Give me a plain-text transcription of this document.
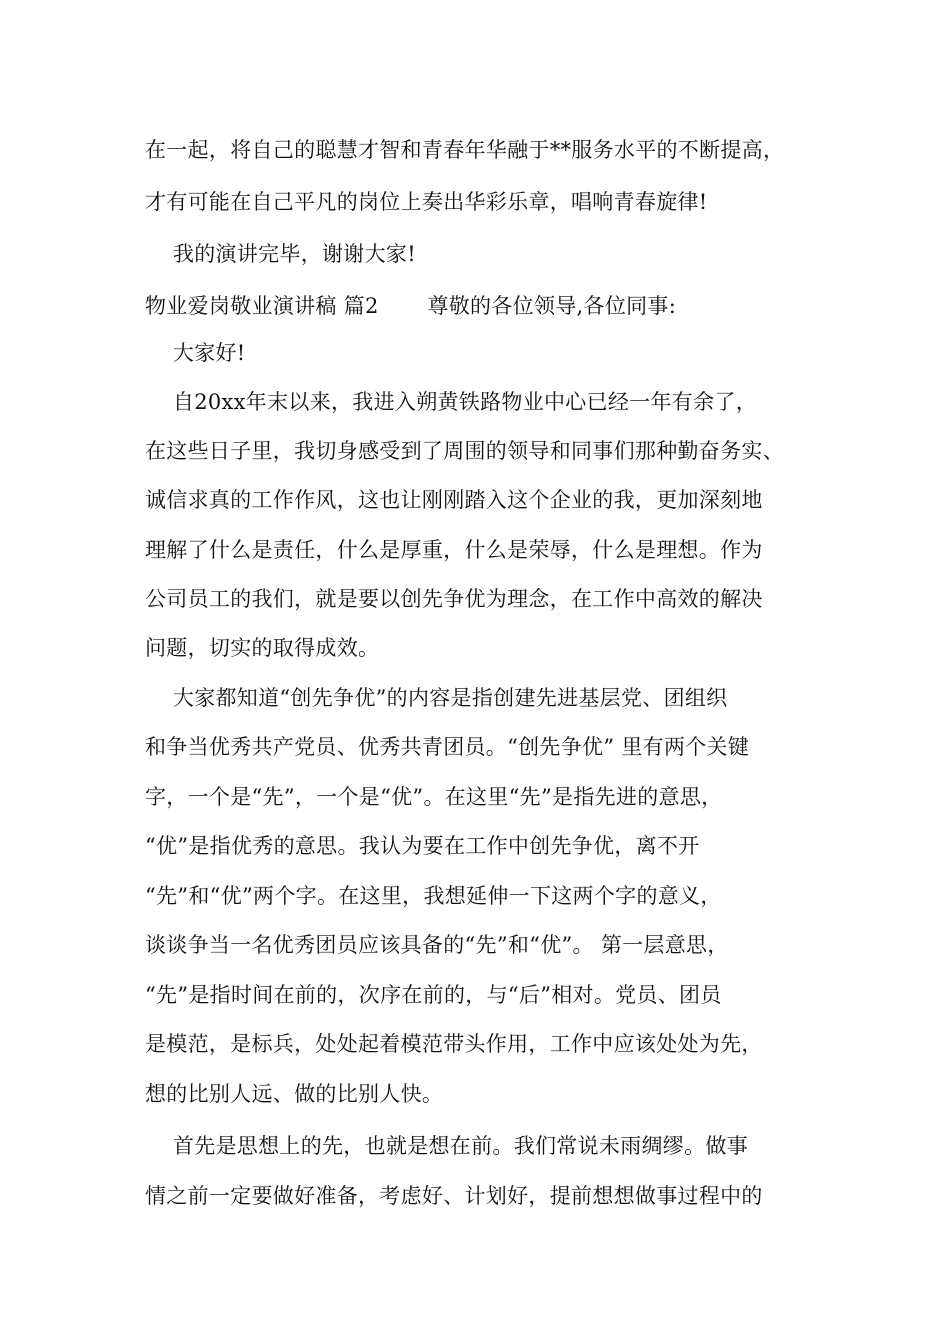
在一起，将自己的聪慧才智和青春年华融于**服务水平的不断提高，
才有可能在自己平凡的岗位上奏出华彩乐章，唱响青春旋律!
我的演讲完毕，谢谢大家!
物业爱岗敬业演讲稿 篇2       尊敬的各位领导,各位同事:
大家好!
自20xx年末以来，我进入朔黄铁路物业中心已经一年有余了，
在这些日子里，我切身感受到了周围的领导和同事们那种勤奋务实、
诚信求真的工作作风，这也让刚刚踏入这个企业的我，更加深刻地
理解了什么是责任，什么是厚重，什么是荣辱，什么是理想。作为
公司员工的我们，就是要以创先争优为理念，在工作中高效的解决
问题，切实的取得成效。
大家都知道“创先争优”的内容是指创建先进基层党、团组织
和争当优秀共产党员、优秀共青团员。“创先争优” 里有两个关键
字，一个是“先”，一个是“优”。在这里“先”是指先进的意思，
“优”是指优秀的意思。我认为要在工作中创先争优，离不开
“先”和“优”两个字。在这里，我想延伸一下这两个字的意义，
谈谈争当一名优秀团员应该具备的“先”和“优”。 第一层意思，
“先”是指时间在前的，次序在前的，与“后”相对。党员、团员
是模范，是标兵，处处起着模范带头作用，工作中应该处处为先，
想的比别人远、做的比别人快。
首先是思想上的先，也就是想在前。我们常说未雨绸缪。做事
情之前一定要做好准备，考虑好、计划好，提前想想做事过程中的
